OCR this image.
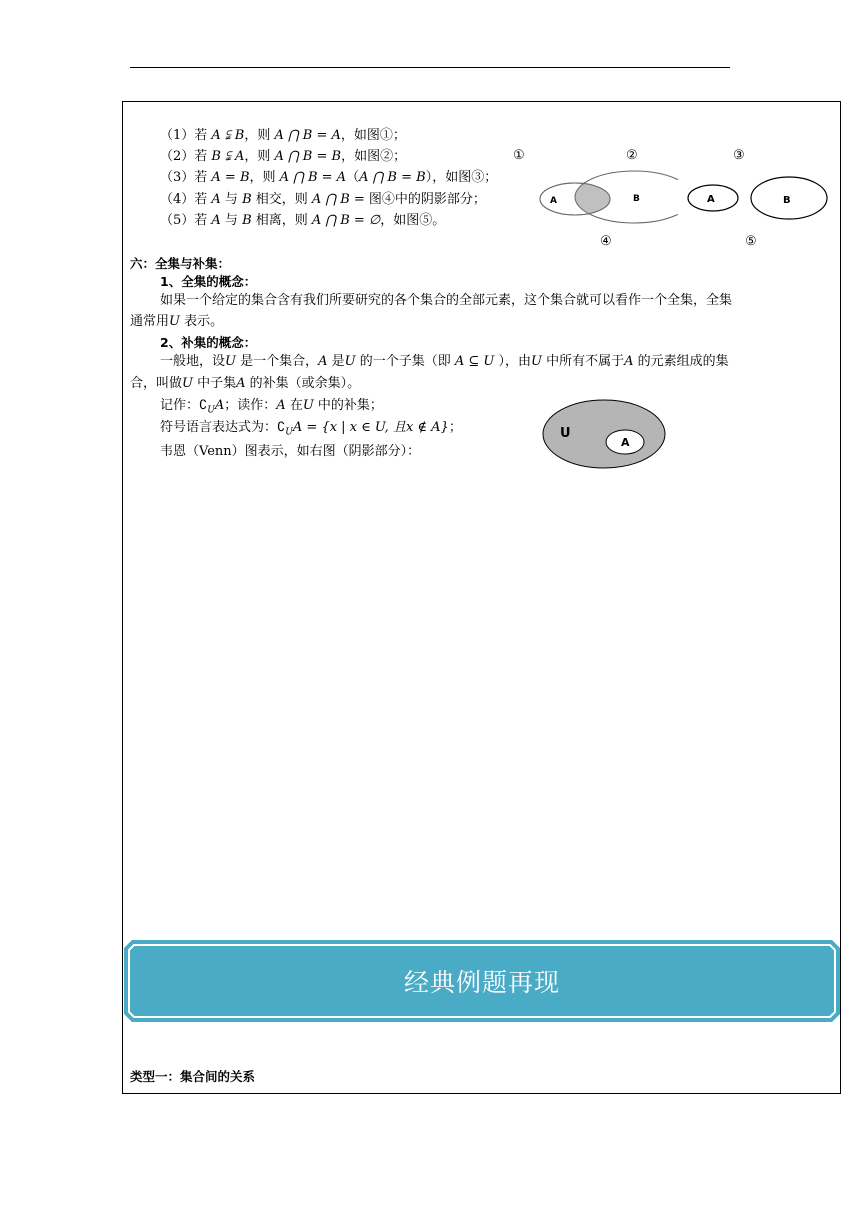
（1）若 A ⫋ B，则 A ⋂ B = A，如图①；
（2）若 B ⫋ A，则 A ⋂ B = B，如图②；
（3）若 A = B，则 A ⋂ B = A（A ⋂ B = B），如图③；
（4）若 A 与 B 相交，则 A ⋂ B = 图④中的阴影部分；
（5）若 A 与 B 相离，则 A ⋂ B = ∅，如图⑤。
①	②	③
④	⑤
A	B	A	B
六：全集与补集：
1、全集的概念：
如果一个给定的集合含有我们所要研究的各个集合的全部元素，这个集合就可以看作一个全集，全集
通常用U 表示。
2、补集的概念：
一般地，设U 是一个集合，A 是U 的一个子集（即 A ⊆ U ），由U 中所有不属于A 的元素组成的集
合，叫做U 中子集A 的补集（或余集）。
记作：$∁_UA$；读作：A 在U 中的补集；
符号语言表达式为：$∁_UA = \{x$ | x ∈ U, 且x ∉ A}；
韦恩（Venn）图表示，如右图（阴影部分）：
U
A
经典例题再现
类型一：集合间的关系
